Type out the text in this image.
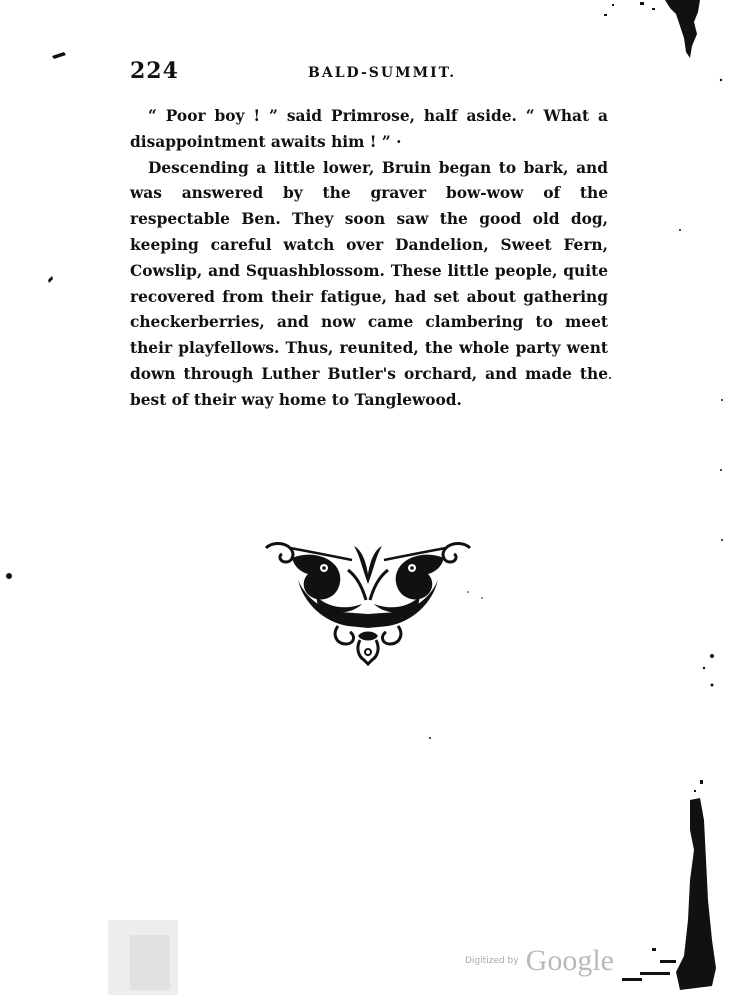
224	BALD-SUMMIT.

“ Poor boy ! ” said Primrose, half aside. “ What a disappointment awaits him ! ” ·

Descending a little lower, Bruin began to bark, and was answered by the graver bow-wow of the respectable Ben. They soon saw the good old dog, keeping careful watch over Dandelion, Sweet Fern, Cowslip, and Squashblossom. These little people, quite recovered from their fatigue, had set about gathering checkerberries, and now came clambering to meet their playfellows. Thus, reunited, the whole party went down through Luther Butler's orchard, and made the best of their way home to Tanglewood.

Digitized by Google
